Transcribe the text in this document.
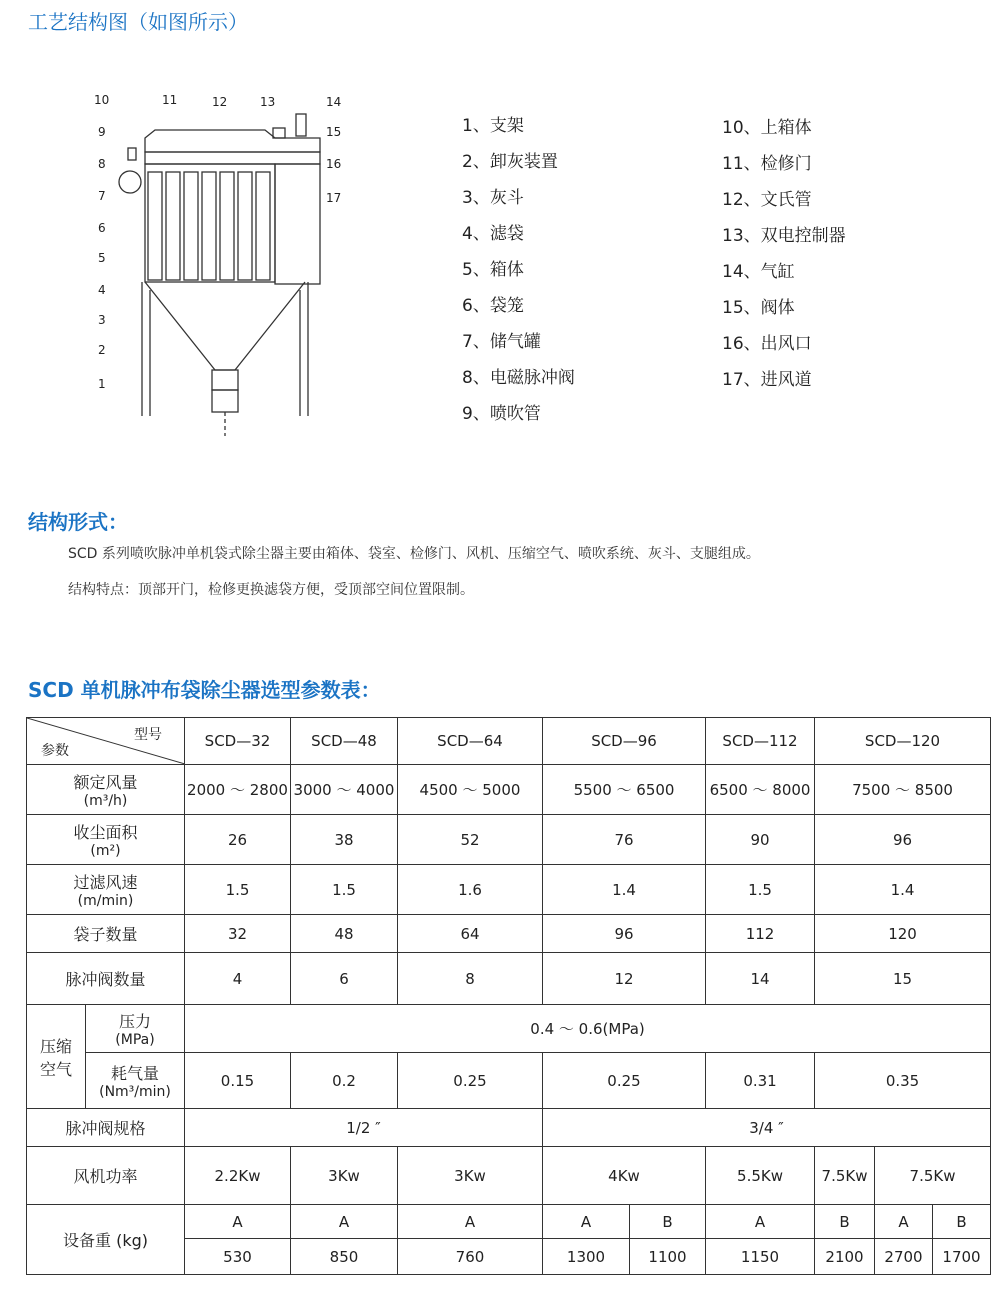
工艺结构图（如图所示）
10	11	12	13	14
9	15
8	16
7	17
6
5
4
3
2
1
1、支架
2、卸灰装置
3、灰斗
4、滤袋
5、箱体
6、袋笼
7、储气罐
8、电磁脉冲阀
9、喷吹管
10、上箱体
11、检修门
12、文氏管
13、双电控制器
14、气缸
15、阀体
16、出风口
17、进风道
结构形式：

SCD 系列喷吹脉冲单机袋式除尘器主要由箱体、袋室、检修门、风机、压缩空气、喷吹系统、灰斗、支腿组成。

结构特点：顶部开门，检修更换滤袋方便，受顶部空间位置限制。

SCD 单机脉冲布袋除尘器选型参数表：
型号
参数		SCD—32	SCD—48	SCD—64	SCD—96		SCD—112	SCD—120		
额定风量
(m³/h)		2000 ～ 2800	3000 ～ 4000	4500 ～ 5000	5500 ～ 6500		6500 ～ 8000	7500 ～ 8500		
收尘面积
(m²)		26	38	52	76		90	96		
过滤风速
(m/min)		1.5	1.5	1.6	1.4		1.5	1.4		
袋子数量		32	48	64	96		112	120		
脉冲阀数量		4	6	8	12		14	15		
压缩空气	压力
(MPa)	0.4 ～ 0.6(MPa)								
	耗气量
(Nm³/min)	0.15	0.2	0.25	0.25		0.31	0.35		
脉冲阀规格		1/2 ″			3/4 ″					
风机功率		2.2Kw	3Kw	3Kw	4Kw		5.5Kw	7.5Kw	7.5Kw	
设备重 (kg)		A	A	A	A	B	A	B	A	B
		530	850	760	1300	1100	1150	2100	2700	1700
